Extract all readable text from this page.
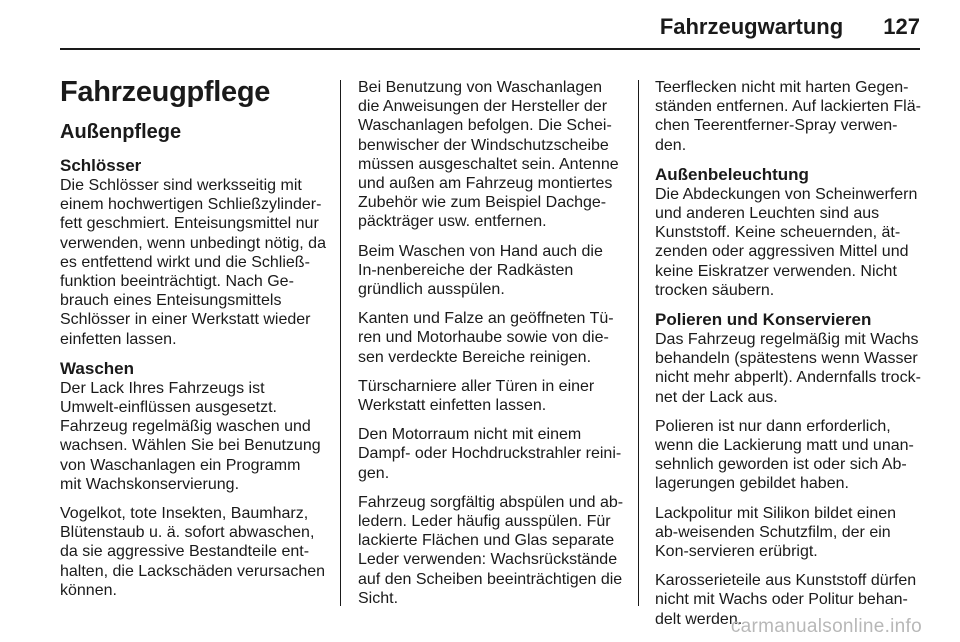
Fahrzeugwartung 127
Fahrzeugpflege
Außenpflege
Schlösser

Die Schlösser sind werksseitig mit einem hochwertigen Schließzylinder-fett geschmiert. Enteisungsmittel nur verwenden, wenn unbedingt nötig, da es entfettend wirkt und die Schließ-funktion beeinträchtigt. Nach Ge-brauch eines Enteisungsmittels Schlösser in einer Werkstatt wieder einfetten lassen.

Waschen

Der Lack Ihres Fahrzeugs ist Umwelt-einflüssen ausgesetzt. Fahrzeug regelmäßig waschen und wachsen. Wählen Sie bei Benutzung von Waschanlagen ein Programm mit Wachskonservierung.

Vogelkot, tote Insekten, Baumharz, Blütenstaub u. ä. sofort abwaschen, da sie aggressive Bestandteile ent-halten, die Lackschäden verursachen können.

Bei Benutzung von Waschanlagen die Anweisungen der Hersteller der Waschanlagen befolgen. Die Schei-benwischer der Windschutzscheibe müssen ausgeschaltet sein. Antenne und außen am Fahrzeug montiertes Zubehör wie zum Beispiel Dachge-päckträger usw. entfernen.

Beim Waschen von Hand auch die In-nenbereiche der Radkästen gründlich ausspülen.

Kanten und Falze an geöffneten Tü-ren und Motorhaube sowie von die-sen verdeckte Bereiche reinigen.

Türscharniere aller Türen in einer Werkstatt einfetten lassen.

Den Motorraum nicht mit einem Dampf- oder Hochdruckstrahler reini-gen.

Fahrzeug sorgfältig abspülen und ab-ledern. Leder häufig ausspülen. Für lackierte Flächen und Glas separate Leder verwenden: Wachsrückstände auf den Scheiben beeinträchtigen die Sicht.

Teerflecken nicht mit harten Gegen-ständen entfernen. Auf lackierten Flä-chen Teerentferner-Spray verwen-den.

Außenbeleuchtung

Die Abdeckungen von Scheinwerfern und anderen Leuchten sind aus Kunststoff. Keine scheuernden, ät-zenden oder aggressiven Mittel und keine Eiskratzer verwenden. Nicht trocken säubern.

Polieren und Konservieren

Das Fahrzeug regelmäßig mit Wachs behandeln (spätestens wenn Wasser nicht mehr abperlt). Andernfalls trock-net der Lack aus.

Polieren ist nur dann erforderlich, wenn die Lackierung matt und unan-sehnlich geworden ist oder sich Ab-lagerungen gebildet haben.

Lackpolitur mit Silikon bildet einen ab-weisenden Schutzfilm, der ein Kon-servieren erübrigt.

Karosserieteile aus Kunststoff dürfen nicht mit Wachs oder Politur behan-delt werden.

carmanualsonline.info
